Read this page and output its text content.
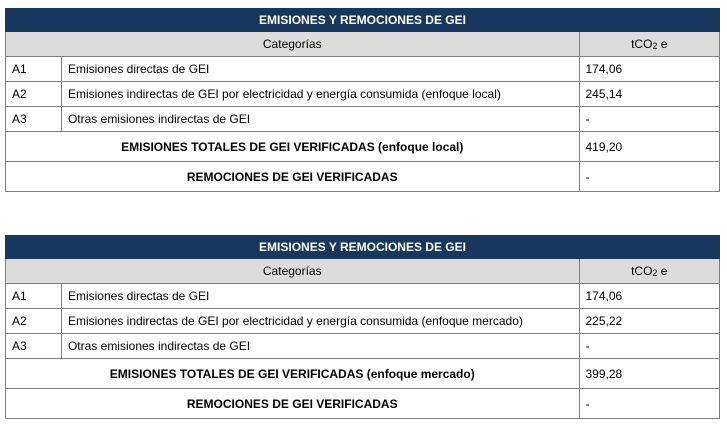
EMISIONES Y REMOCIONES DE GEI		
Categorías		tCO$_2$ e
A1	Emisiones directas de GEI	174,06
A2	Emisiones indirectas de GEI por electricidad y energía consumida (enfoque local)	245,14
A3	Otras emisiones indirectas de GEI	-
EMISIONES TOTALES DE GEI VERIFICADAS (enfoque local)		419,20
REMOCIONES DE GEI VERIFICADAS		-
EMISIONES Y REMOCIONES DE GEI		
Categorías		tCO$_2$ e
A1	Emisiones directas de GEI	174,06
A2	Emisiones indirectas de GEI por electricidad y energía consumida (enfoque mercado)	225,22
A3	Otras emisiones indirectas de GEI	-
EMISIONES TOTALES DE GEI VERIFICADAS (enfoque mercado)		399,28
REMOCIONES DE GEI VERIFICADAS		-
